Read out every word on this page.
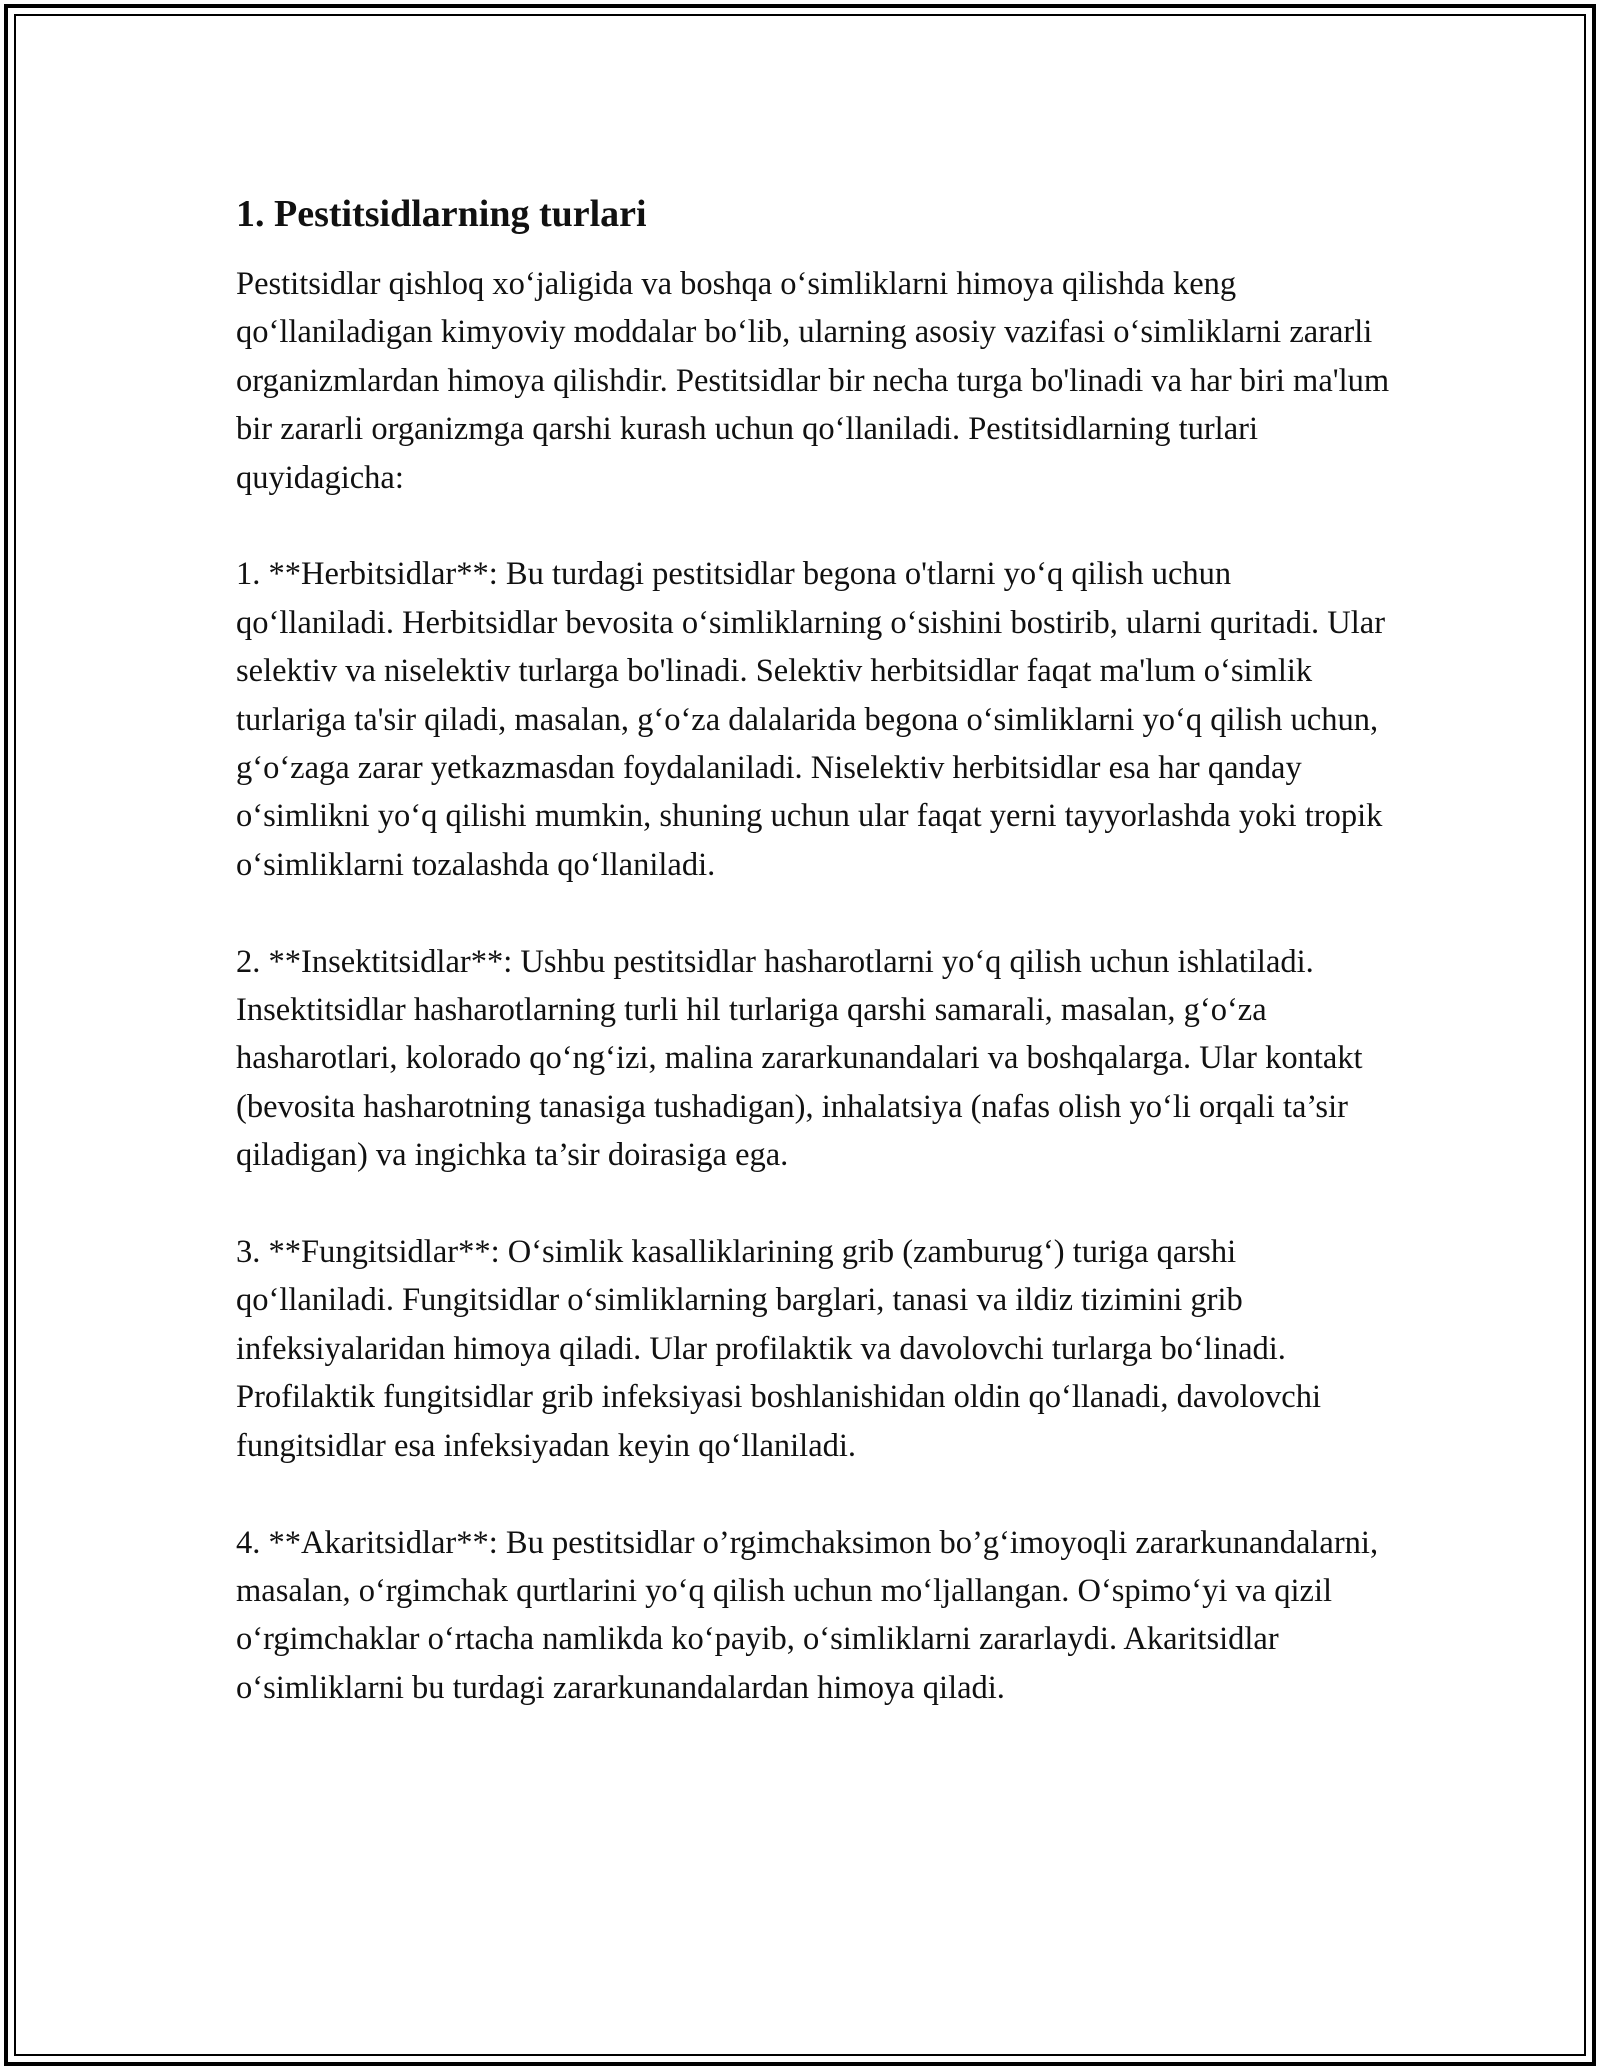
1. Pestitsidlarning turlari

Pestitsidlar qishloq xo‘jaligida va boshqa o‘simliklarni himoya qilishda keng qo‘llaniladigan kimyoviy moddalar bo‘lib, ularning asosiy vazifasi o‘simliklarni zararli organizmlardan himoya qilishdir. Pestitsidlar bir necha turga bo'linadi va har biri ma'lum bir zararli organizmga qarshi kurash uchun qo‘llaniladi. Pestitsidlarning turlari quyidagicha:

1. **Herbitsidlar**: Bu turdagi pestitsidlar begona o'tlarni yo‘q qilish uchun qo‘llaniladi. Herbitsidlar bevosita o‘simliklarning o‘sishini bostirib, ularni quritadi. Ular selektiv va niselektiv turlarga bo'linadi. Selektiv herbitsidlar faqat ma'lum o‘simlik turlariga ta'sir qiladi, masalan, g‘o‘za dalalarida begona o‘simliklarni yo‘q qilish uchun, g‘o‘zaga zarar yetkazmasdan foydalaniladi. Niselektiv herbitsidlar esa har qanday o‘simlikni yo‘q qilishi mumkin, shuning uchun ular faqat yerni tayyorlashda yoki tropik o‘simliklarni tozalashda qo‘llaniladi.

2. **Insektitsidlar**: Ushbu pestitsidlar hasharotlarni yo‘q qilish uchun ishlatiladi. Insektitsidlar hasharotlarning turli hil turlariga qarshi samarali, masalan, g‘o‘za hasharotlari, kolorado qo‘ng‘izi, malina zararkunandalari va boshqalarga. Ular kontakt (bevosita hasharotning tanasiga tushadigan), inhalatsiya (nafas olish yo‘li orqali ta’sir qiladigan) va ingichka ta’sir doirasiga ega.

3. **Fungitsidlar**: O‘simlik kasalliklarining grib (zamburug‘) turiga qarshi qo‘llaniladi. Fungitsidlar o‘simliklarning barglari, tanasi va ildiz tizimini grib infeksiyalaridan himoya qiladi. Ular profilaktik va davolovchi turlarga bo‘linadi. Profilaktik fungitsidlar grib infeksiyasi boshlanishidan oldin qo‘llanadi, davolovchi fungitsidlar esa infeksiyadan keyin qo‘llaniladi.

4. **Akaritsidlar**: Bu pestitsidlar o’rgimchaksimon bo’g‘imoyoqli zararkunandalarni, masalan, o‘rgimchak qurtlarini yo‘q qilish uchun mo‘ljallangan. O‘spimo‘yi va qizil o‘rgimchaklar o‘rtacha namlikda ko‘payib, o‘simliklarni zararlaydi. Akaritsidlar o‘simliklarni bu turdagi zararkunandalardan himoya qiladi.
